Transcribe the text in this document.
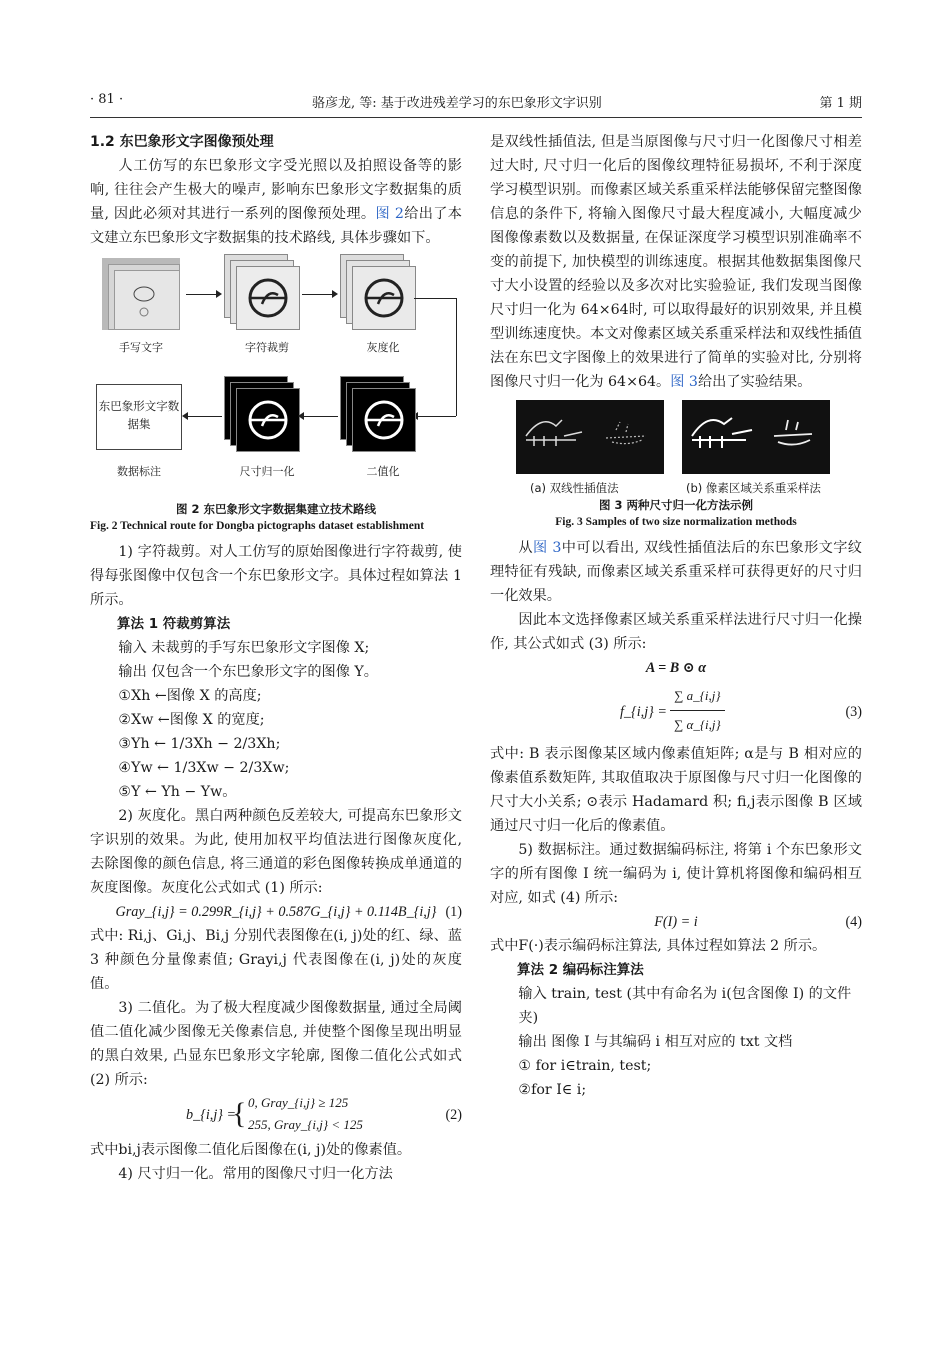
· 81 ·	骆彦龙, 等: 基于改进残差学习的东巴象形文字识别	第 1 期

1.2 东巴象形文字图像预处理

人工仿写的东巴象形文字受光照以及拍照设备等的影响, 往往会产生极大的噪声, 影响东巴象形文字数据集的质量, 因此必须对其进行一系列的图像预处理。图 2给出了本文建立东巴象形文字数据集的技术路线, 具体步骤如下。

手写文字	字符裁剪	灰度化
东巴象形文字数据集
数据标注	尺寸归一化	二值化

图 2 东巴象形文字数据集建立技术路线

Fig. 2 Technical route for Dongba pictographs dataset establishment

1) 字符裁剪。对人工仿写的原始图像进行字符裁剪, 使得每张图像中仅包含一个东巴象形文字。具体过程如算法 1 所示。

算法 1 符裁剪算法

输入 未裁剪的手写东巴象形文字图像 X;

输出 仅包含一个东巴象形文字的图像 Y。

①Xh ←图像 X 的高度;

②Xw ←图像 X 的宽度;

③Yh ← 1/3Xh − 2/3Xh;

④Yw ← 1/3Xw − 2/3Xw;

⑤Y ← Yh − Yw。

2) 灰度化。黑白两种颜色反差较大, 可提高东巴象形文字识别的效果。为此, 使用加权平均值法进行图像灰度化, 去除图像的颜色信息, 将三通道的彩色图像转换成单通道的灰度图像。灰度化公式如式 (1) 所示:

Gray_{i,j} = 0.299R_{i,j} + 0.587G_{i,j} + 0.114B_{i,j} (1)

式中: Ri,j、Gi,j、Bi,j 分别代表图像在(i, j)处的红、绿、蓝 3 种颜色分量像素值; Grayi,j 代表图像在(i, j)处的灰度值。

3) 二值化。为了极大程度减少图像数据量, 通过全局阈值二值化减少图像无关像素信息, 并使整个图像呈现出明显的黑白效果, 凸显东巴象形文字轮廓, 图像二值化公式如式 (2) 所示:

b_{i,j} =
{ 0, Gray_{i,j} ≥ 125
255, Gray_{i,j} < 125
(2)

式中bi,j表示图像二值化后图像在(i, j)处的像素值。

4) 尺寸归一化。常用的图像尺寸归一化方法

是双线性插值法, 但是当原图像与尺寸归一化图像尺寸相差过大时, 尺寸归一化后的图像纹理特征易损坏, 不利于深度学习模型识别。而像素区域关系重采样法能够保留完整图像信息的条件下, 将输入图像尺寸最大程度减小, 大幅度减少图像像素数以及数据量, 在保证深度学习模型识别准确率不变的前提下, 加快模型的训练速度。根据其他数据集图像尺寸大小设置的经验以及多次对比实验验证, 我们发现当图像尺寸归一化为 64×64时, 可以取得最好的识别效果, 并且模型训练速度快。本文对像素区域关系重采样法和双线性插值法在东巴文字图像上的效果进行了简单的实验对比, 分别将图像尺寸归一化为 64×64。图 3给出了实验结果。

(a) 双线性插值法	(b) 像素区域关系重采样法

图 3 两种尺寸归一化方法示例

Fig. 3 Samples of two size normalization methods

从图 3中可以看出, 双线性插值法后的东巴象形文字纹理特征有残缺, 而像素区域关系重采样可获得更好的尺寸归一化效果。

因此本文选择像素区域关系重采样法进行尺寸归一化操作, 其公式如式 (3) 所示:

A = B ⊙ α

f_{i,j} = $\frac{\sum a\_\{i,j\}}{\sum \alpha\_\{i,j\}}$	(3)

式中: B 表示图像某区域内像素值矩阵; α是与 B 相对应的像素值系数矩阵, 其取值取决于原图像与尺寸归一化图像的尺寸大小关系; ⊙表示 Hadamard 积; fi,j表示图像 B 区域通过尺寸归一化后的像素值。

5) 数据标注。通过数据编码标注, 将第 i 个东巴象形文字的所有图像 I 统一编码为 i, 使计算机将图像和编码相互对应, 如式 (4) 所示:

F(I) = i	(4)

式中F(·)表示编码标注算法, 具体过程如算法 2 所示。

算法 2 编码标注算法

输入 train, test (其中有命名为 i(包含图像 I) 的文件夹)

输出 图像 I 与其编码 i 相互对应的 txt 文档

① for i∈train, test;

②for I∈ i;
